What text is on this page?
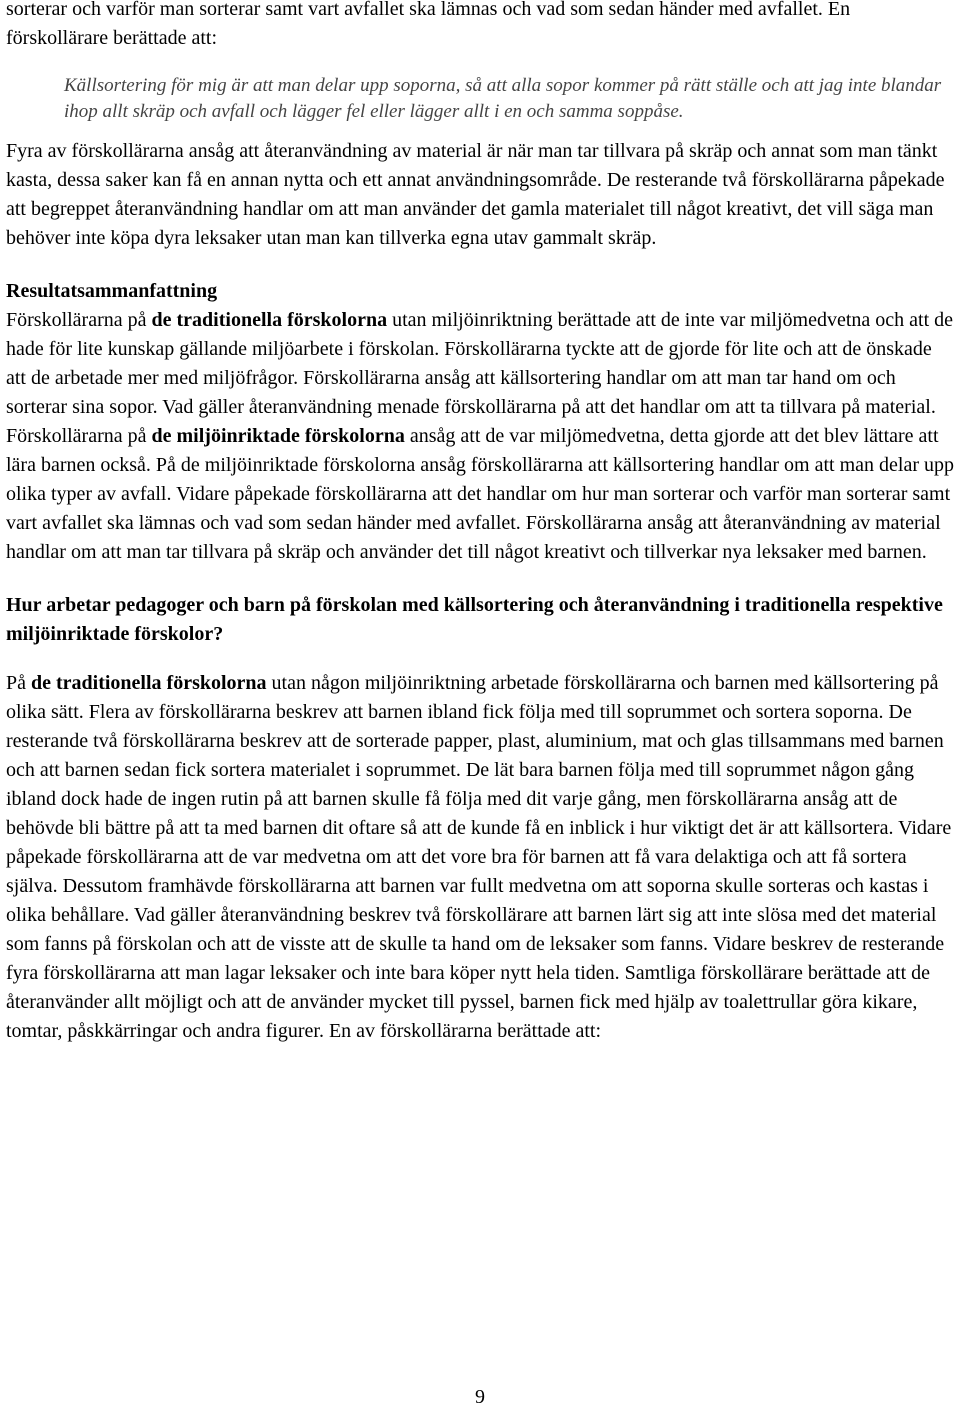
sorterar och varför man sorterar samt vart avfallet ska lämnas och vad som sedan händer med avfallet. En förskollärare berättade att:

Källsortering för mig är att man delar upp soporna, så att alla sopor kommer på rätt ställe och att jag inte blandar ihop allt skräp och avfall och lägger fel eller lägger allt i en och samma soppåse.

Fyra av förskollärarna ansåg att återanvändning av material är när man tar tillvara på skräp och annat som man tänkt kasta, dessa saker kan få en annan nytta och ett annat användningsområde. De resterande två förskollärarna påpekade att begreppet återanvändning handlar om att man använder det gamla materialet till något kreativt, det vill säga man behöver inte köpa dyra leksaker utan man kan tillverka egna utav gammalt skräp.

Resultatsammanfattning

Förskollärarna på de traditionella förskolorna utan miljöinriktning berättade att de inte var miljömedvetna och att de hade för lite kunskap gällande miljöarbete i förskolan. Förskollärarna tyckte att de gjorde för lite och att de önskade att de arbetade mer med miljöfrågor. Förskollärarna ansåg att källsortering handlar om att man tar hand om och sorterar sina sopor. Vad gäller återanvändning menade förskollärarna på att det handlar om att ta tillvara på material. Förskollärarna på de miljöinriktade förskolorna ansåg att de var miljömedvetna, detta gjorde att det blev lättare att lära barnen också. På de miljöinriktade förskolorna ansåg förskollärarna att källsortering handlar om att man delar upp olika typer av avfall. Vidare påpekade förskollärarna att det handlar om hur man sorterar och varför man sorterar samt vart avfallet ska lämnas och vad som sedan händer med avfallet. Förskollärarna ansåg att återanvändning av material handlar om att man tar tillvara på skräp och använder det till något kreativt och tillverkar nya leksaker med barnen.

Hur arbetar pedagoger och barn på förskolan med källsortering och återanvändning i traditionella respektive miljöinriktade förskolor?

På de traditionella förskolorna utan någon miljöinriktning arbetade förskollärarna och barnen med källsortering på olika sätt. Flera av förskollärarna beskrev att barnen ibland fick följa med till soprummet och sortera soporna. De resterande två förskollärarna beskrev att de sorterade papper, plast, aluminium, mat och glas tillsammans med barnen och att barnen sedan fick sortera materialet i soprummet. De lät bara barnen följa med till soprummet någon gång ibland dock hade de ingen rutin på att barnen skulle få följa med dit varje gång, men förskollärarna ansåg att de behövde bli bättre på att ta med barnen dit oftare så att de kunde få en inblick i hur viktigt det är att källsortera. Vidare påpekade förskollärarna att de var medvetna om att det vore bra för barnen att få vara delaktiga och att få sortera själva. Dessutom framhävde förskollärarna att barnen var fullt medvetna om att soporna skulle sorteras och kastas i olika behållare. Vad gäller återanvändning beskrev två förskollärare att barnen lärt sig att inte slösa med det material som fanns på förskolan och att de visste att de skulle ta hand om de leksaker som fanns. Vidare beskrev de resterande fyra förskollärarna att man lagar leksaker och inte bara köper nytt hela tiden. Samtliga förskollärare berättade att de återanvänder allt möjligt och att de använder mycket till pyssel, barnen fick med hjälp av toalettrullar göra kikare, tomtar, påskkärringar och andra figurer. En av förskollärarna berättade att:

9
